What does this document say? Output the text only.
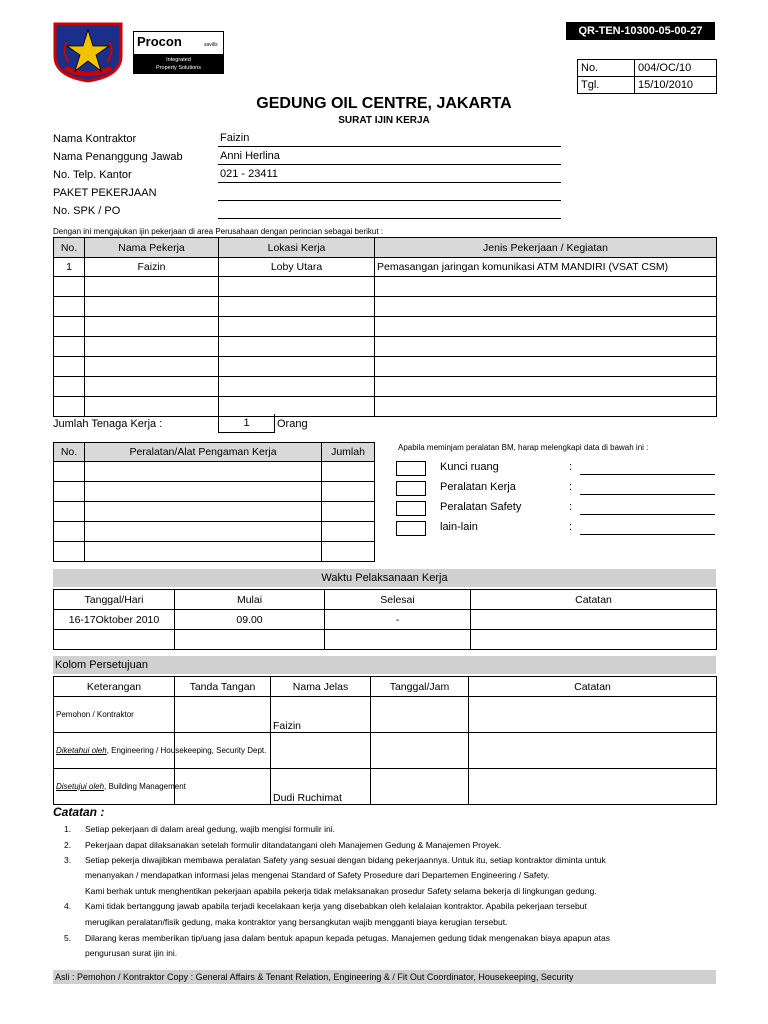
QR-TEN-10300-05-00-27
Procon	savills
Integrated
Property Solutions	No.	004/OC/10
Tgl.	15/10/2010
GEDUNG OIL CENTRE, JAKARTA
SURAT IJIN KERJA
Nama Kontraktor	Faizin
Nama Penanggung Jawab	Anni Herlina
No. Telp. Kantor	021 - 23411
PAKET PEKERJAAN
No. SPK / PO
Dengan ini mengajukan ijin pekerjaan di area Perusahaan dengan perincian sebagai berikut :
No.	Nama Pekerja	Lokasi Kerja	Jenis Pekerjaan / Kegiatan
1	Faizin	Loby Utara	Pemasangan jaringan komunikasi ATM MANDIRI (VSAT CSM)

Jumlah Tenaga Kerja :	1	Orang
No.	Peralatan/Alat Pengaman Kerja	Jumlah

			Apabila meminjam peralatan BM, harap melengkapi data di bawah ini :
Kunci ruang	:
Peralatan Kerja	:
Peralatan Safety	:
lain-lain	:
Waktu Pelaksanaan Kerja
Tanggal/Hari	Mulai	Selesai	Catatan
16-17Oktober 2010	09.00	-	

Kolom Persetujuan
Keterangan	Tanda Tangan	Nama Jelas	Tanggal/Jam	Catatan
Pemohon / Kontraktor		Faizin		
Diketahui oleh, Engineering / Housekeeping, Security Dept.				
Disetujui oleh, Building Management		Dudi Ruchimat		
Catatan :
1. Setiap pekerjaan di dalam areal gedung, wajib mengisi formulir ini.
2. Pekerjaan dapat dilaksanakan setelah formulir ditandatangani oleh Manajemen Gedung & Manajemen Proyek.
3. Setiap pekerja diwajibkan membawa peralatan Safety yang sesuai dengan bidang pekerjaannya. Untuk itu, setiap kontraktor diminta untuk
menanyakan / mendapatkan informasi jelas mengenai Standard of Safety Prosedure dari Departemen Engineering / Safety.
Kami berhak untuk menghentikan pekerjaan apabila pekerja tidak melaksanakan prosedur Safety selama bekerja di lingkungan gedung.
4. Kami tidak bertanggung jawab apabila terjadi kecelakaan kerja yang disebabkan oleh kelalaian kontraktor. Apabila pekerjaan tersebut
merugikan peralatan/fisik gedung, maka kontraktor yang bersangkutan wajib mengganti biaya kerugian tersebut.
5. Dilarang keras memberikan tip/uang jasa dalam bentuk apapun kepada petugas. Manajemen gedung tidak mengenakan biaya apapun atas
pengurusan surat ijin ini.
Asli : Pemohon / Kontraktor Copy : General Affairs & Tenant Relation, Engineering & / Fit Out Coordinator, Housekeeping, Security
